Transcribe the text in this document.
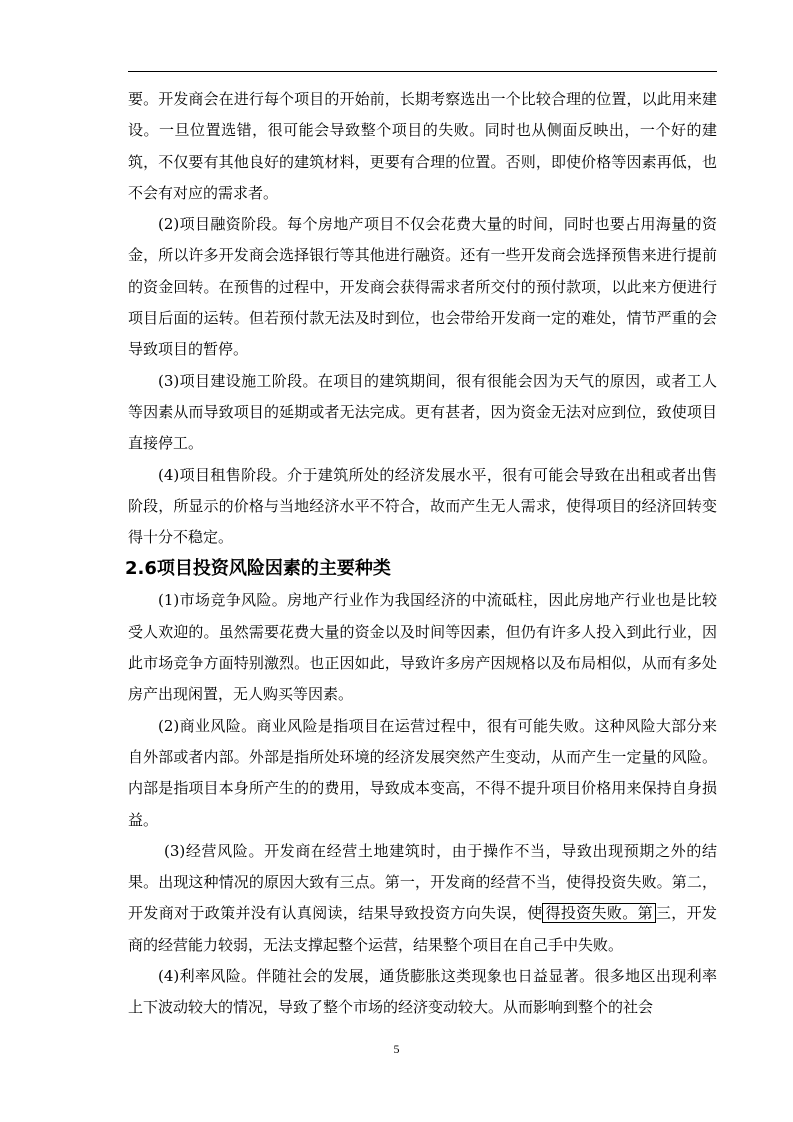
要。开发商会在进行每个项目的开始前，长期考察选出一个比较合理的位置，以此用来建设。一旦位置选错，很可能会导致整个项目的失败。同时也从侧面反映出，一个好的建筑，不仅要有其他良好的建筑材料，更要有合理的位置。否则，即使价格等因素再低，也不会有对应的需求者。

(2)项目融资阶段。每个房地产项目不仅会花费大量的时间，同时也要占用海量的资金，所以许多开发商会选择银行等其他进行融资。还有一些开发商会选择预售来进行提前的资金回转。在预售的过程中，开发商会获得需求者所交付的预付款项，以此来方便进行项目后面的运转。但若预付款无法及时到位，也会带给开发商一定的难处，情节严重的会导致项目的暂停。

(3)项目建设施工阶段。在项目的建筑期间，很有很能会因为天气的原因，或者工人等因素从而导致项目的延期或者无法完成。更有甚者，因为资金无法对应到位，致使项目直接停工。

(4)项目租售阶段。介于建筑所处的经济发展水平，很有可能会导致在出租或者出售阶段，所显示的价格与当地经济水平不符合，故而产生无人需求，使得项目的经济回转变得十分不稳定。

2.6项目投资风险因素的主要种类

(1)市场竞争风险。房地产行业作为我国经济的中流砥柱，因此房地产行业也是比较受人欢迎的。虽然需要花费大量的资金以及时间等因素，但仍有许多人投入到此行业，因此市场竞争方面特别激烈。也正因如此，导致许多房产因规格以及布局相似，从而有多处房产出现闲置，无人购买等因素。

(2)商业风险。商业风险是指项目在运营过程中，很有可能失败。这种风险大部分来自外部或者内部。外部是指所处环境的经济发展突然产生变动，从而产生一定量的风险。内部是指项目本身所产生的的费用，导致成本变高，不得不提升项目价格用来保持自身损益。

(3)经营风险。开发商在经营土地建筑时，由于操作不当，导致出现预期之外的结果。出现这种情况的原因大致有三点。第一，开发商的经营不当，使得投资失败。第二，开发商对于政策并没有认真阅读，结果导致投资方向失误，使 得投资失败。第 三，开发商的经营能力较弱，无法支撑起整个运营，结果整个项目在自己手中失败。

(4)利率风险。伴随社会的发展，通货膨胀这类现象也日益显著。很多地区出现利率上下波动较大的情况，导致了整个市场的经济变动较大。从而影响到整个的社会

5
